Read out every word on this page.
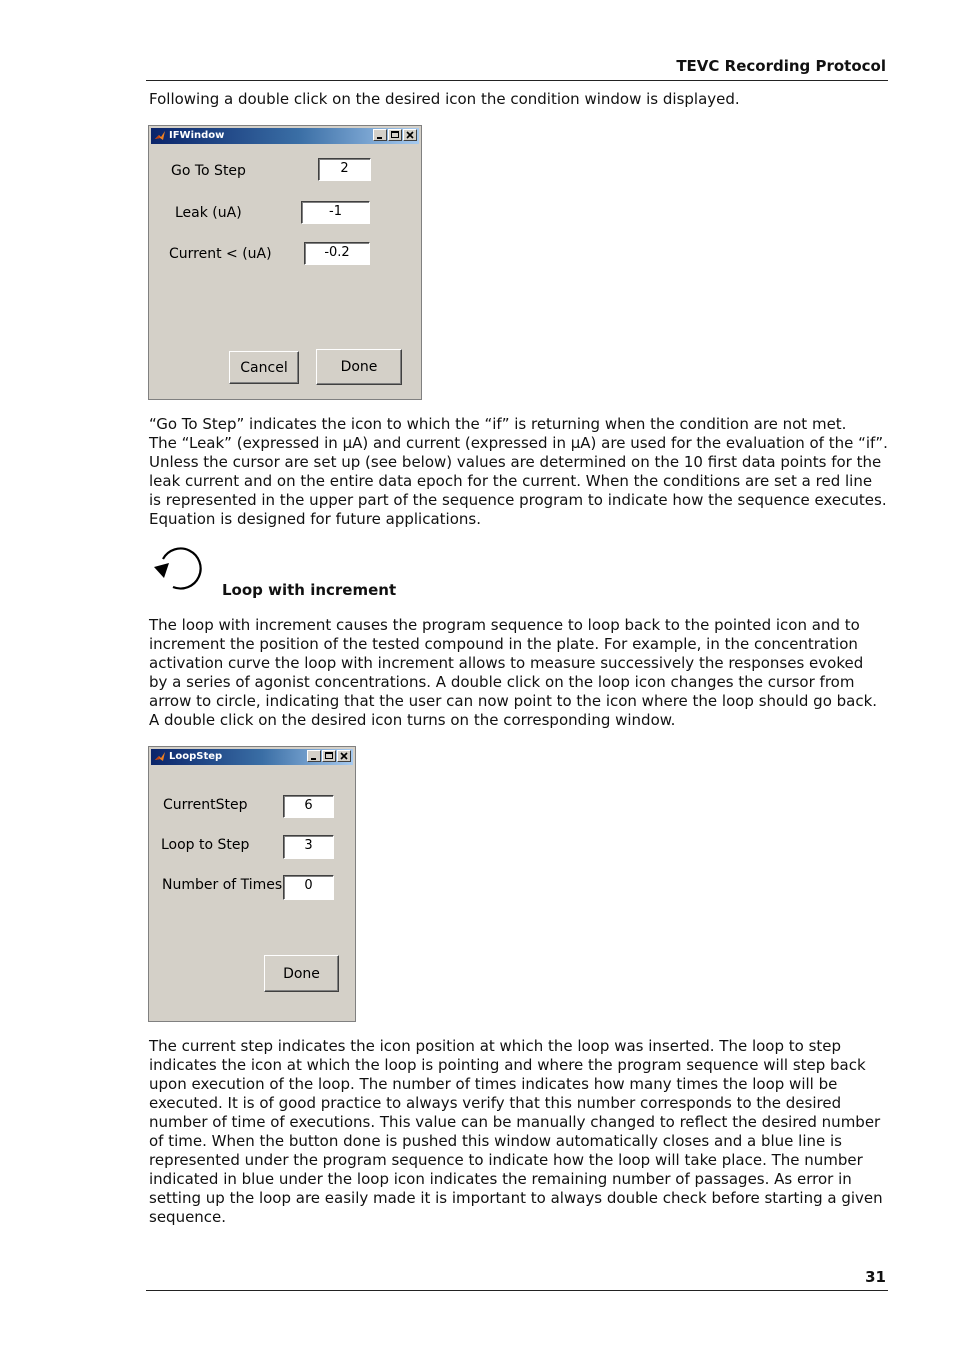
TEVC Recording Protocol

Following a double click on the desired icon the condition window is displayed.

IFWindow
Go To Step	2
Leak (uA)	-1
Current < (uA)	-0.2
Cancel	Done

“Go To Step” indicates the icon to which the “if” is returning when the condition are not met.
The “Leak” (expressed in µA) and current (expressed in µA) are used for the evaluation of the “if”.
Unless the cursor are set up (see below) values are determined on the 10 first data points for the
leak current and on the entire data epoch for the current. When the conditions are set a red line
is represented in the upper part of the sequence program to indicate how the sequence executes.
Equation is designed for future applications.

Loop with increment

The loop with increment causes the program sequence to loop back to the pointed icon and to
increment the position of the tested compound in the plate. For example, in the concentration
activation curve the loop with increment allows to measure successively the responses evoked
by a series of agonist concentrations. A double click on the loop icon changes the cursor from
arrow to circle, indicating that the user can now point to the icon where the loop should go back.
A double click on the desired icon turns on the corresponding window.

LoopStep
CurrentStep	6
Loop to Step	3
Number of Times	0
Done

The current step indicates the icon position at which the loop was inserted. The loop to step
indicates the icon at which the loop is pointing and where the program sequence will step back
upon execution of the loop. The number of times indicates how many times the loop will be
executed. It is of good practice to always verify that this number corresponds to the desired
number of time of executions. This value can be manually changed to reflect the desired number
of time. When the button done is pushed this window automatically closes and a blue line is
represented under the program sequence to indicate how the loop will take place. The number
indicated in blue under the loop icon indicates the remaining number of passages. As error in
setting up the loop are easily made it is important to always double check before starting a given
sequence.

31
